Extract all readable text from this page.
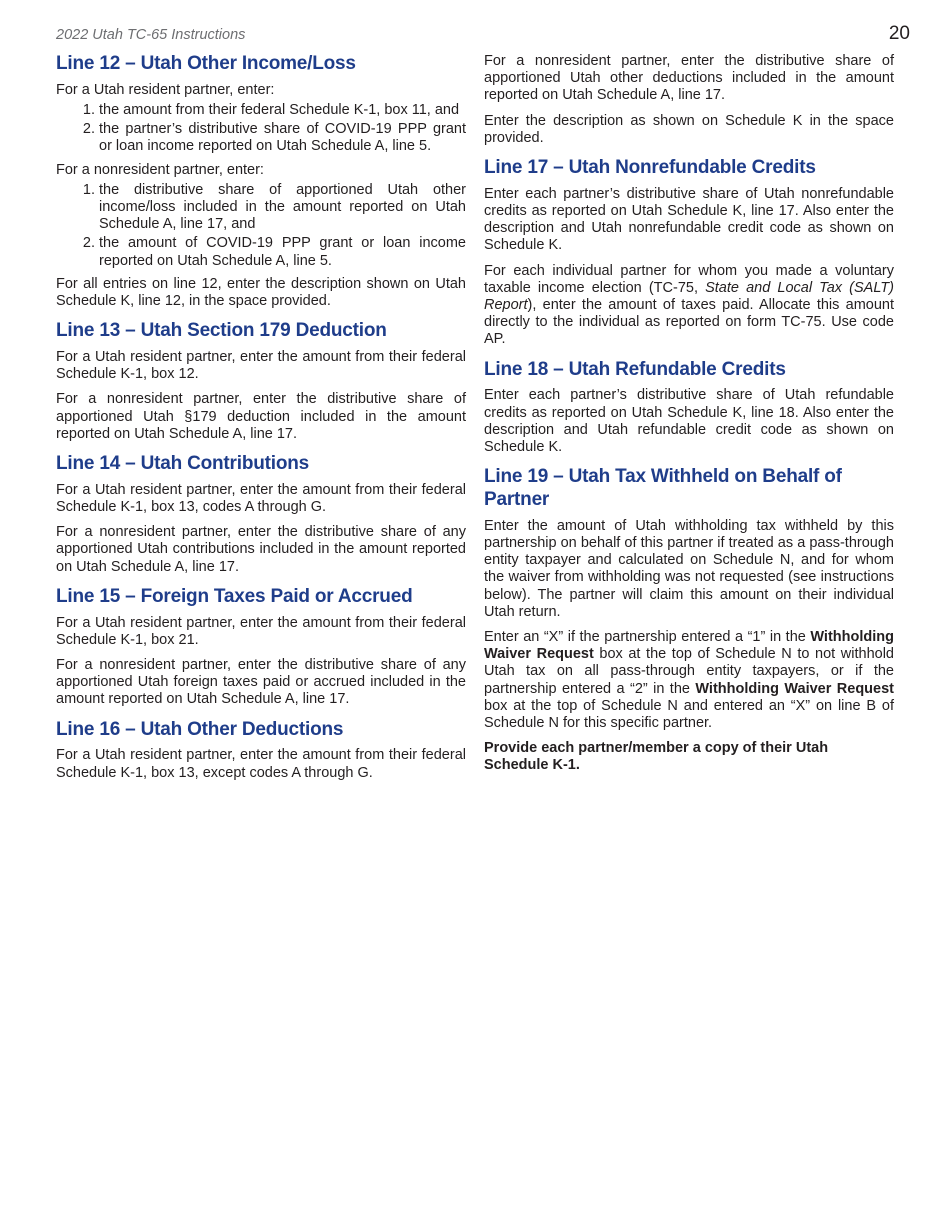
2022 Utah TC-65 Instructions	20
Line 12 – Utah Other Income/Loss

For a Utah resident partner, enter:

1. the amount from their federal Schedule K-1, box 11, and
2. the partner’s distributive share of COVID-19 PPP grant or loan income reported on Utah Schedule A, line 5.

For a nonresident partner, enter:

1. the distributive share of apportioned Utah other income/loss included in the amount reported on Utah Schedule A, line 17, and
2. the amount of COVID-19 PPP grant or loan income reported on Utah Schedule A, line 5.

For all entries on line 12, enter the description shown on Utah Schedule K, line 12, in the space provided.

Line 13 – Utah Section 179 Deduction

For a Utah resident partner, enter the amount from their federal Schedule K-1, box 12.

For a nonresident partner, enter the distributive share of apportioned Utah §179 deduction included in the amount reported on Utah Schedule A, line 17.

Line 14 – Utah Contributions

For a Utah resident partner, enter the amount from their federal Schedule K-1, box 13, codes A through G.

For a nonresident partner, enter the distributive share of any apportioned Utah contributions included in the amount reported on Utah Schedule A, line 17.

Line 15 – Foreign Taxes Paid or Accrued

For a Utah resident partner, enter the amount from their federal Schedule K-1, box 21.

For a nonresident partner, enter the distributive share of any apportioned Utah foreign taxes paid or accrued included in the amount reported on Utah Schedule A, line 17.

Line 16 – Utah Other Deductions

For a Utah resident partner, enter the amount from their federal Schedule K-1, box 13, except codes A through G.

For a nonresident partner, enter the distributive share of apportioned Utah other deductions included in the amount reported on Utah Schedule A, line 17.

Enter the description as shown on Schedule K in the space provided.

Line 17 – Utah Nonrefundable Credits

Enter each partner’s distributive share of Utah nonrefundable credits as reported on Utah Schedule K, line 17. Also enter the description and Utah nonrefundable credit code as shown on Schedule K.

For each individual partner for whom you made a voluntary taxable income election (TC-75, State and Local Tax (SALT) Report), enter the amount of taxes paid. Allocate this amount directly to the individual as reported on form TC-75. Use code AP.

Line 18 – Utah Refundable Credits

Enter each partner’s distributive share of Utah refundable credits as reported on Utah Schedule K, line 18. Also enter the description and Utah refundable credit code as shown on Schedule K.

Line 19 – Utah Tax Withheld on Behalf of Partner

Enter the amount of Utah withholding tax withheld by this partnership on behalf of this partner if treated as a pass-through entity taxpayer and calculated on Schedule N, and for whom the waiver from withholding was not requested (see instructions below). The partner will claim this amount on their individual Utah return.

Enter an “X” if the partnership entered a “1” in the Withholding Waiver Request box at the top of Schedule N to not withhold Utah tax on all pass-through entity taxpayers, or if the partnership entered a “2” in the Withholding Waiver Request box at the top of Schedule N and entered an “X” on line B of Schedule N for this specific partner.

Provide each partner/member a copy of their Utah Schedule K-1.
